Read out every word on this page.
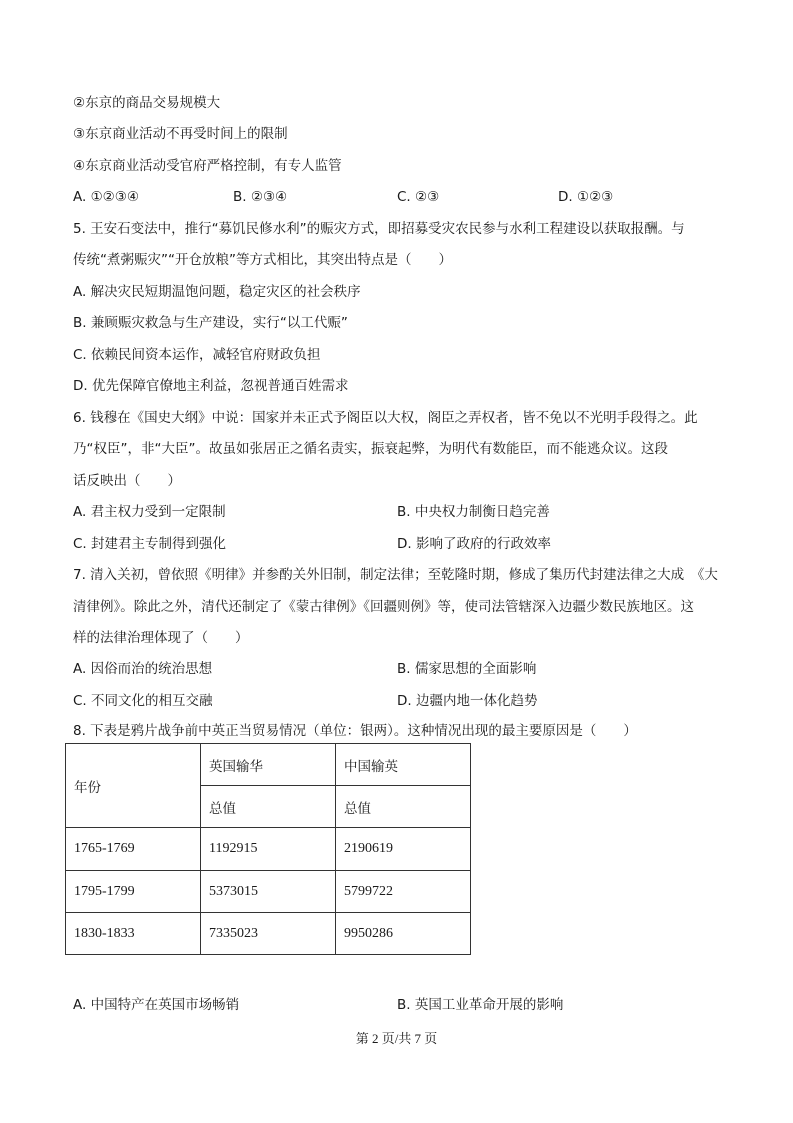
②东京的商品交易规模大
③东京商业活动不再受时间上的限制
④东京商业活动受官府严格控制，有专人监管
A. ①②③④	B. ②③④	C. ②③	D. ①②③
5. 王安石变法中，推行“募饥民修水利”的赈灾方式，即招募受灾农民参与水利工程建设以获取报酬。与
传统“煮粥赈灾”“开仓放粮”等方式相比，其突出特点是（　　）
A. 解决灾民短期温饱问题，稳定灾区的社会秩序
B. 兼顾赈灾救急与生产建设，实行“以工代赈”
C. 依赖民间资本运作，减轻官府财政负担
D. 优先保障官僚地主利益，忽视普通百姓需求
6. 钱穆在《国史大纲》中说：国家并未正式予阁臣以大权，阁臣之弄权者，皆不免以不光明手段得之。此
乃“权臣”，非“大臣”。故虽如张居正之循名责实，振衰起弊，为明代有数能臣，而不能逃众议。这段
话反映出（　　）
A. 君主权力受到一定限制	B. 中央权力制衡日趋完善
C. 封建君主专制得到强化	D. 影响了政府的行政效率
7. 清入关初，曾依照《明律》并参酌关外旧制，制定法律；至乾隆时期，修成了集历代封建法律之大成　《大
清律例》。除此之外，清代还制定了《蒙古律例》《回疆则例》等，使司法管辖深入边疆少数民族地区。这
样的法律治理体现了（　　）
A. 因俗而治的统治思想	B. 儒家思想的全面影响
C. 不同文化的相互交融	D. 边疆内地一体化趋势
8. 下表是鸦片战争前中英正当贸易情况（单位：银两）。这种情况出现的最主要原因是（　　）
年份	英国输华	中国输英
	总值	总值
1765-1769	1192915	2190619
1795-1799	5373015	5799722
1830-1833	7335023	9950286
A. 中国特产在英国市场畅销	B. 英国工业革命开展的影响
第 2 页/共 7 页
